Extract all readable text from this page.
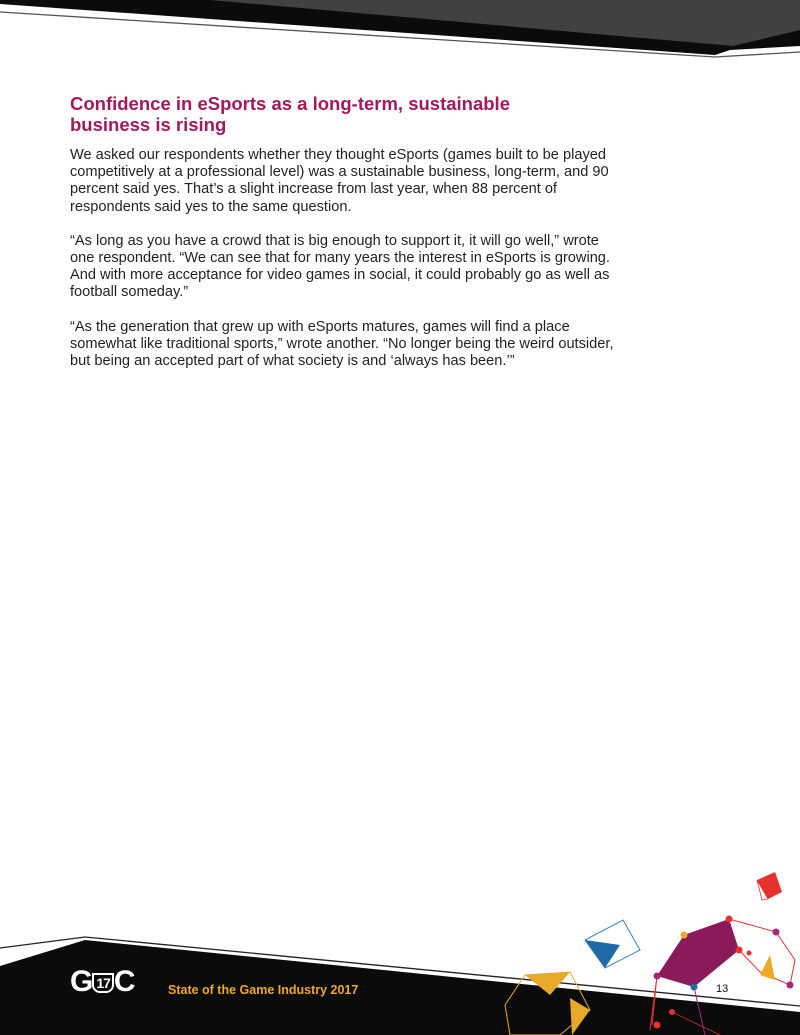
Confidence in eSports as a long-term, sustainable business is rising

We asked our respondents whether they thought eSports (games built to be played competitively at a professional level) was a sustainable business, long-term, and 90 percent said yes. That’s a slight increase from last year, when 88 percent of respondents said yes to the same question.

“As long as you have a crowd that is big enough to support it, it will go well,” wrote one respondent. “We can see that for many years the interest in eSports is growing. And with more acceptance for video games in social, it could probably go as well as football someday.”

“As the generation that grew up with eSports matures, games will find a place somewhat like traditional sports,” wrote another. “No longer being the weird outsider, but being an accepted part of what society is and ‘always has been.’”

G 17 C	State of the Game Industry 2017	13
